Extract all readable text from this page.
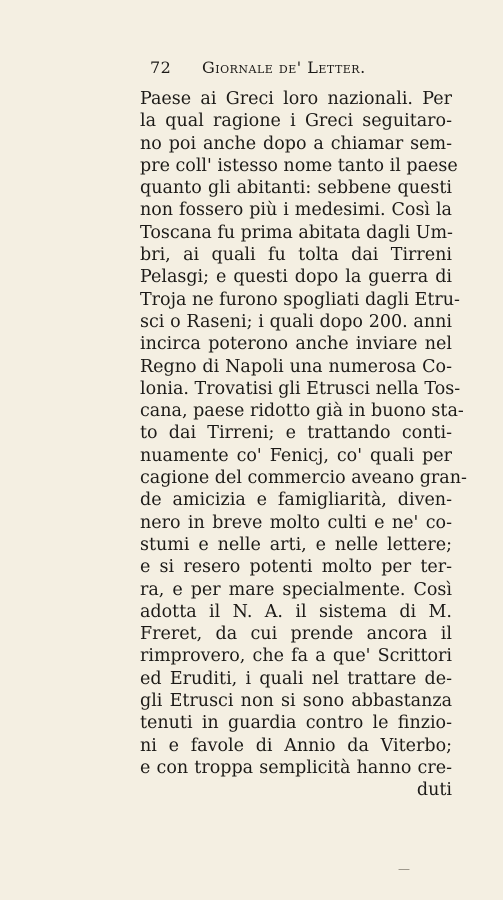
72 Giornale de' Letter.
Paese ai Greci loro nazionali. Per
la qual ragione i Greci seguitaro-
no poi anche dopo a chiamar sem-
pre coll' istesso nome tanto il paese
quanto gli abitanti: sebbene questi
non fossero più i medesimi. Così la
Toscana fu prima abitata dagli Um-
bri, ai quali fu tolta dai Tirreni
Pelasgi; e questi dopo la guerra di
Troja ne furono spogliati dagli Etru-
sci o Raseni; i quali dopo 200. anni
incirca poterono anche inviare nel
Regno di Napoli una numerosa Co-
lonia. Trovatisi gli Etrusci nella Tos-
cana, paese ridotto già in buono sta-
to dai Tirreni; e trattando conti-
nuamente co' Fenicj, co' quali per
cagione del commercio aveano gran-
de amicizia e famigliarità, diven-
nero in breve molto culti e ne' co-
stumi e nelle arti, e nelle lettere;
e si resero potenti molto per ter-
ra, e per mare specialmente. Così
adotta il N. A. il sistema di M.
Freret, da cui prende ancora il
rimprovero, che fa a que' Scrittori
ed Eruditi, i quali nel trattare de-
gli Etrusci non si sono abbastanza
tenuti in guardia contro le finzio-
ni e favole di Annio da Viterbo;
e con troppa semplicità hanno cre-
duti
—
